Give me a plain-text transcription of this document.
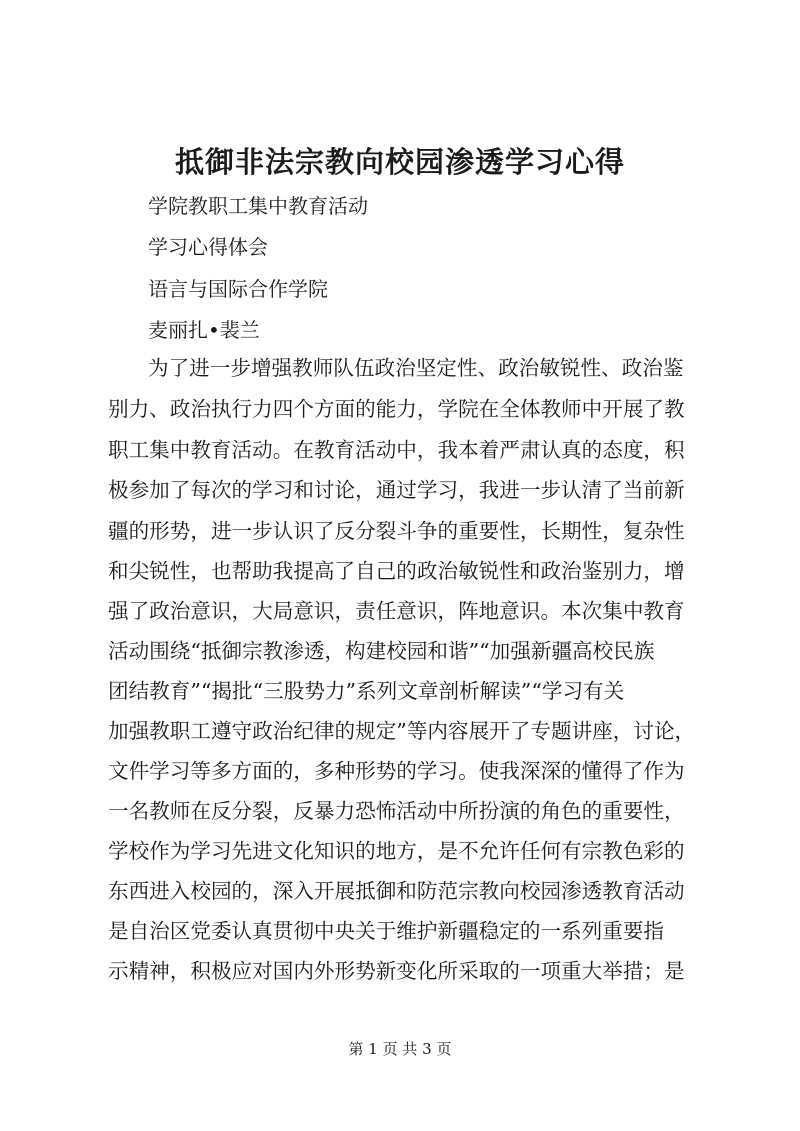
抵御非法宗教向校园渗透学习心得

学院教职工集中教育活动

学习心得体会

语言与国际合作学院

麦丽扎•裴兰

为了进一步增强教师队伍政治坚定性、政治敏锐性、政治鉴

别力、政治执行力四个方面的能力，学院在全体教师中开展了教

职工集中教育活动。在教育活动中，我本着严肃认真的态度，积

极参加了每次的学习和讨论，通过学习，我进一步认清了当前新

疆的形势，进一步认识了反分裂斗争的重要性，长期性，复杂性

和尖锐性，也帮助我提高了自己的政治敏锐性和政治鉴别力，增

强了政治意识，大局意识，责任意识，阵地意识。本次集中教育

活动围绕“抵御宗教渗透，构建校园和谐”“加强新疆高校民族

团结教育”“揭批“三股势力”系列文章剖析解读”“学习有关

加强教职工遵守政治纪律的规定”等内容展开了专题讲座，讨论，

文件学习等多方面的，多种形势的学习。使我深深的懂得了作为

一名教师在反分裂，反暴力恐怖活动中所扮演的角色的重要性，

学校作为学习先进文化知识的地方，是不允许任何有宗教色彩的

东西进入校园的，深入开展抵御和防范宗教向校园渗透教育活动

是自治区党委认真贯彻中央关于维护新疆稳定的一系列重要指

示精神，积极应对国内外形势新变化所采取的一项重大举措；是

第 1 页 共 3 页
